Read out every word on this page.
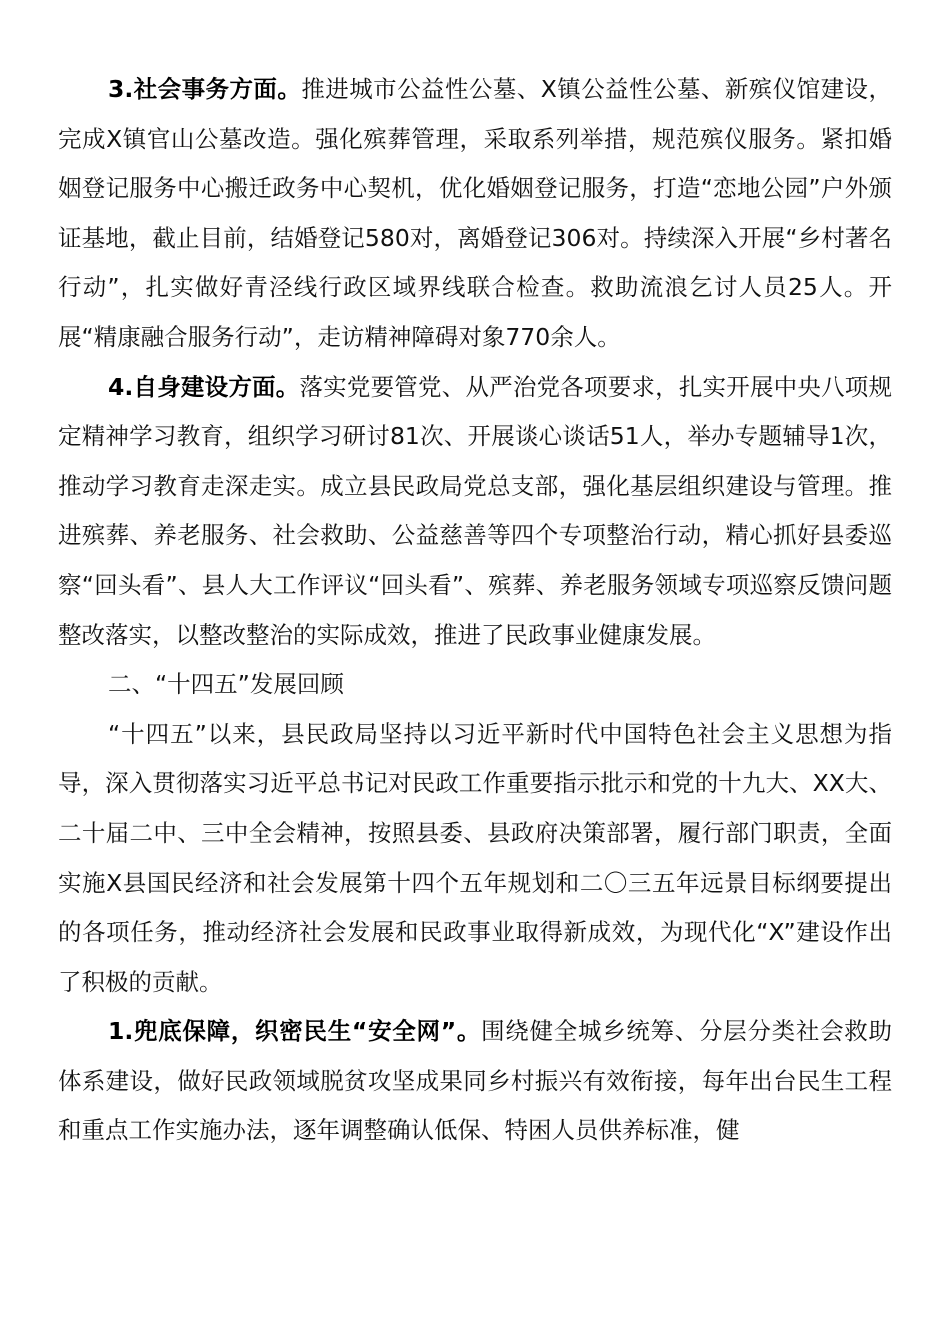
3.社会事务方面。推进城市公益性公墓、X镇公益性公墓、新殡仪馆建设，完成X镇官山公墓改造。强化殡葬管理，采取系列举措，规范殡仪服务。紧扣婚姻登记服务中心搬迁政务中心契机，优化婚姻登记服务，打造“恋地公园”户外颁证基地，截止目前，结婚登记580对，离婚登记306对。持续深入开展“乡村著名行动”，扎实做好青泾线行政区域界线联合检查。救助流浪乞讨人员25人。开展“精康融合服务行动”，走访精神障碍对象770余人。

4.自身建设方面。落实党要管党、从严治党各项要求，扎实开展中央八项规定精神学习教育，组织学习研讨81次、开展谈心谈话51人，举办专题辅导1次，推动学习教育走深走实。成立县民政局党总支部，强化基层组织建设与管理。推进殡葬、养老服务、社会救助、公益慈善等四个专项整治行动，精心抓好县委巡察“回头看”、县人大工作评议“回头看”、殡葬、养老服务领域专项巡察反馈问题整改落实，以整改整治的实际成效，推进了民政事业健康发展。

二、“十四五”发展回顾

“十四五”以来，县民政局坚持以习近平新时代中国特色社会主义思想为指导，深入贯彻落实习近平总书记对民政工作重要指示批示和党的十九大、XX大、二十届二中、三中全会精神，按照县委、县政府决策部署，履行部门职责，全面实施X县国民经济和社会发展第十四个五年规划和二〇三五年远景目标纲要提出的各项任务，推动经济社会发展和民政事业取得新成效，为现代化“X”建设作出了积极的贡献。

1.兜底保障，织密民生“安全网”。围绕健全城乡统筹、分层分类社会救助体系建设，做好民政领域脱贫攻坚成果同乡村振兴有效衔接，每年出台民生工程和重点工作实施办法，逐年调整确认低保、特困人员供养标准，健
